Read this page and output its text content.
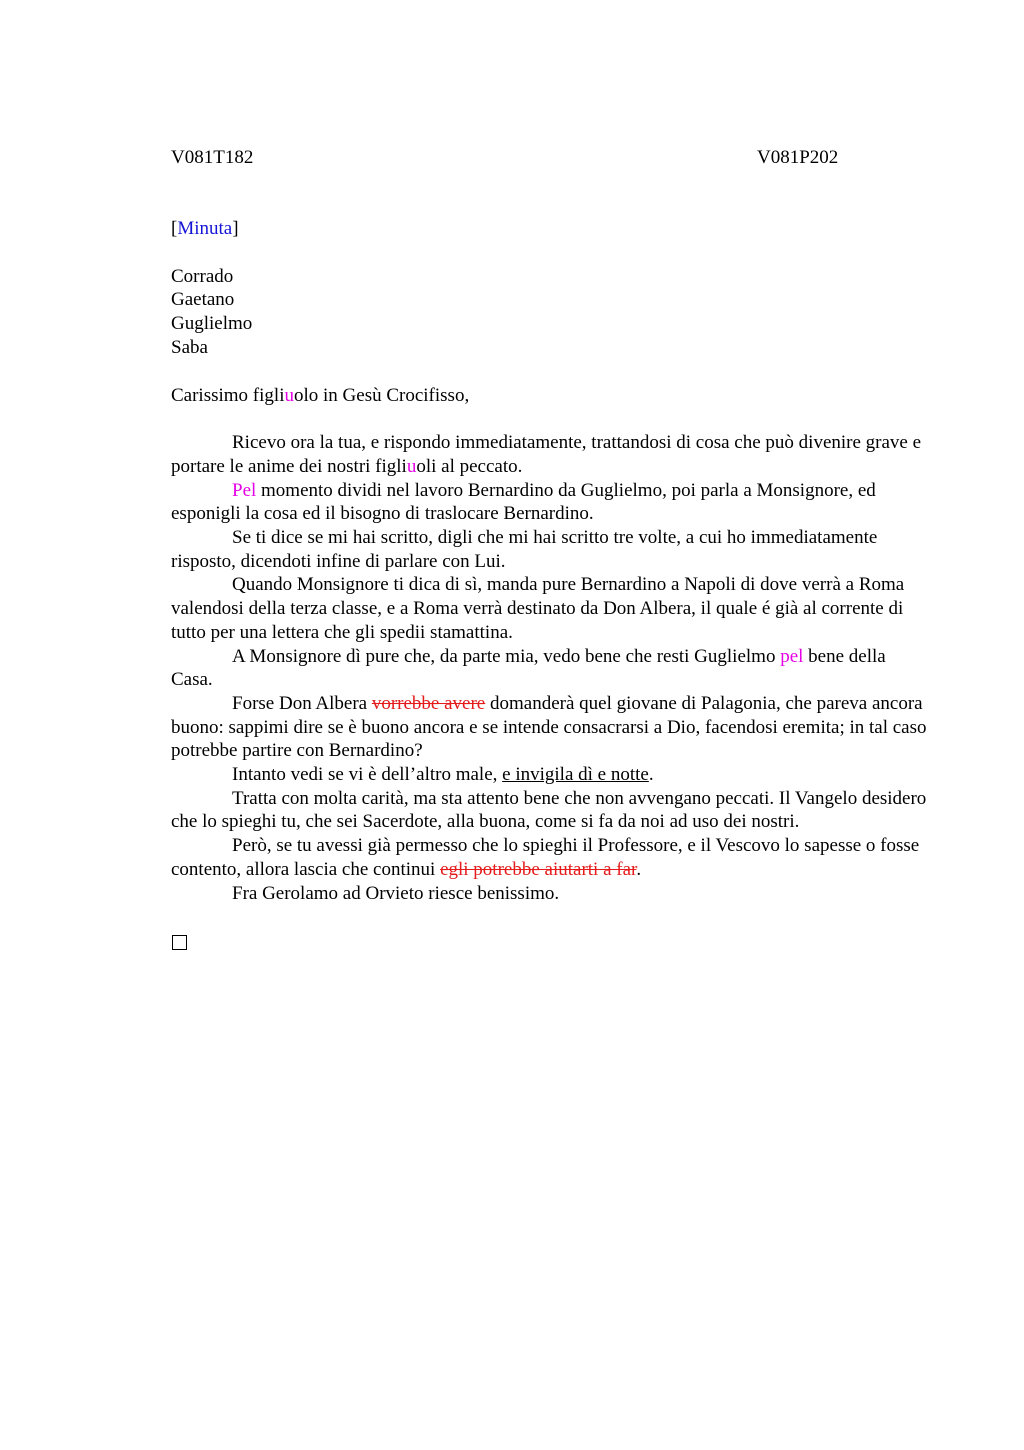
V081T182	V081P202

[Minuta]

Corrado

Gaetano

Guglielmo

Saba

Carissimo figliuolo in Gesù Crocifisso,

Ricevo ora la tua, e rispondo immediatamente, trattandosi di cosa che può divenire grave e portare le anime dei nostri figliuoli al peccato.

Pel momento dividi nel lavoro Bernardino da Guglielmo, poi parla a Monsignore, ed esponigli la cosa ed il bisogno di traslocare Bernardino.

Se ti dice se mi hai scritto, digli che mi hai scritto tre volte, a cui ho immediatamente risposto, dicendoti infine di parlare con Lui.

Quando Monsignore ti dica di sì, manda pure Bernardino a Napoli di dove verrà a Roma valendosi della terza classe, e a Roma verrà destinato da Don Albera, il quale é già al corrente di tutto per una lettera che gli spedii stamattina.

A Monsignore dì pure che, da parte mia, vedo bene che resti Guglielmo pel bene della Casa.

Forse Don Albera vorrebbe avere domanderà quel giovane di Palagonia, che pareva ancora buono: sappimi dire se è buono ancora e se intende consacrarsi a Dio, facendosi eremita; in tal caso potrebbe partire con Bernardino?

Intanto vedi se vi è dell’altro male, e invigila dì e notte.

Tratta con molta carità, ma sta attento bene che non avvengano peccati. Il Vangelo desidero che lo spieghi tu, che sei Sacerdote, alla buona, come si fa da noi ad uso dei nostri.

Però, se tu avessi già permesso che lo spieghi il Professore, e il Vescovo lo sapesse o fosse contento, allora lascia che continui egli potrebbe aiutarti a far.

Fra Gerolamo ad Orvieto riesce benissimo.
